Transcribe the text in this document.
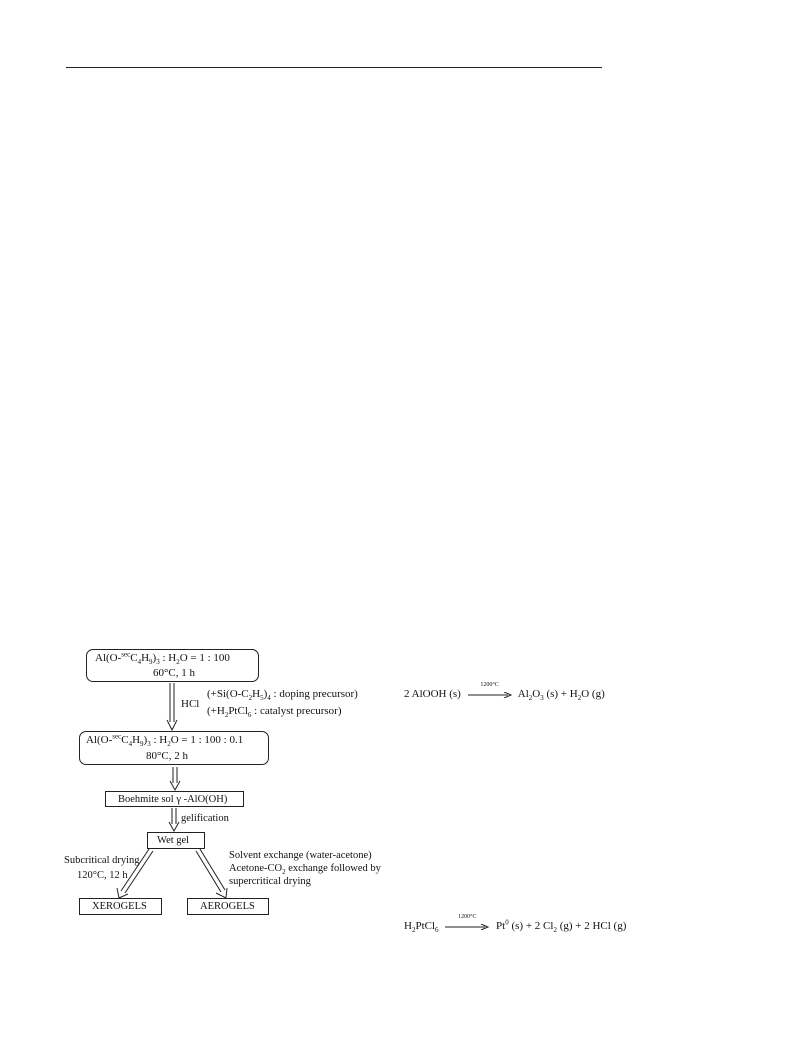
$Al(O-^{sec}C_4H_9)_3$ : $H_2O = 1$ : 100
60°C, 1 h
HCl
($+Si(O-C_2H_5)_4$ : doping precursor)
($+H_2PtCl_6$ : catalyst precursor)
$Al(O-^{sec}C_4H_9)_3$ : $H_2O = 1$ : 100 : 0.1
80°C, 2 h
Boehmite sol γ -AlO(OH)
gelification
Wet gel
Subcritical drying
120°C, 12 h
Solvent exchange (water-acetone)
Acetone-$CO_2$ exchange followed by
supercritical drying
XEROGELS	AEROGELS
2 AlOOH (s)
1200°C
$Al_2O_3$ $(s) + H_2O$ (g)
$H_2PtCl_6$
1200°C
Pt$^0$ (s) + 2 $Cl_2$ (g) + 2 HCl (g)
